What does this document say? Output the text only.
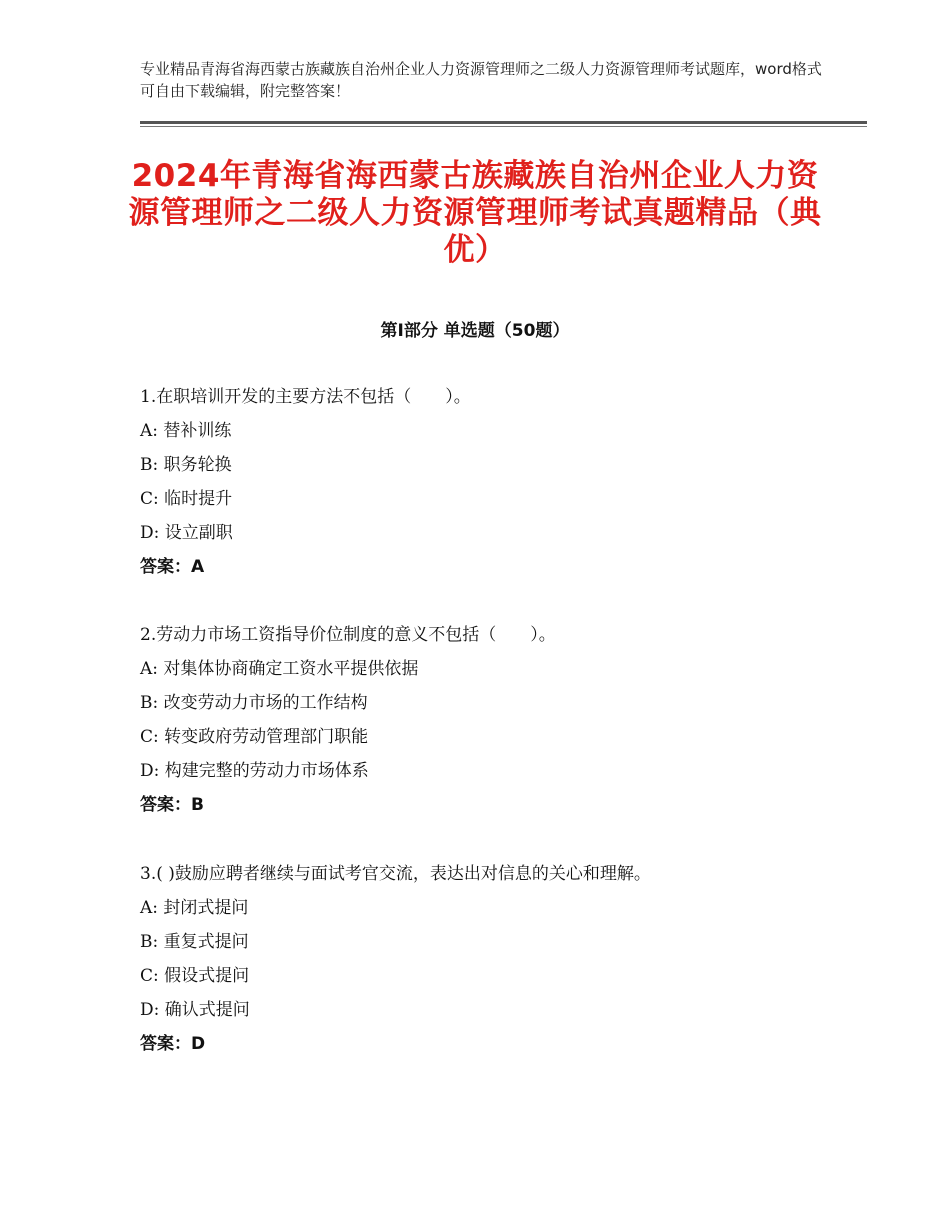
专业精品青海省海西蒙古族藏族自治州企业人力资源管理师之二级人力资源管理师考试题库，word格式可自由下载编辑，附完整答案！
2024年青海省海西蒙古族藏族自治州企业人力资源管理师之二级人力资源管理师考试真题精品（典优）
第Ⅰ部分 单选题（50题）
1.在职培训开发的主要方法不包括（　　）。
A: 替补训练
B: 职务轮换
C: 临时提升
D: 设立副职
答案：A
2.劳动力市场工资指导价位制度的意义不包括（　　）。
A: 对集体协商确定工资水平提供依据
B: 改变劳动力市场的工作结构
C: 转变政府劳动管理部门职能
D: 构建完整的劳动力市场体系
答案：B
3.( )鼓励应聘者继续与面试考官交流，表达出对信息的关心和理解。
A: 封闭式提问
B: 重复式提问
C: 假设式提问
D: 确认式提问
答案：D
